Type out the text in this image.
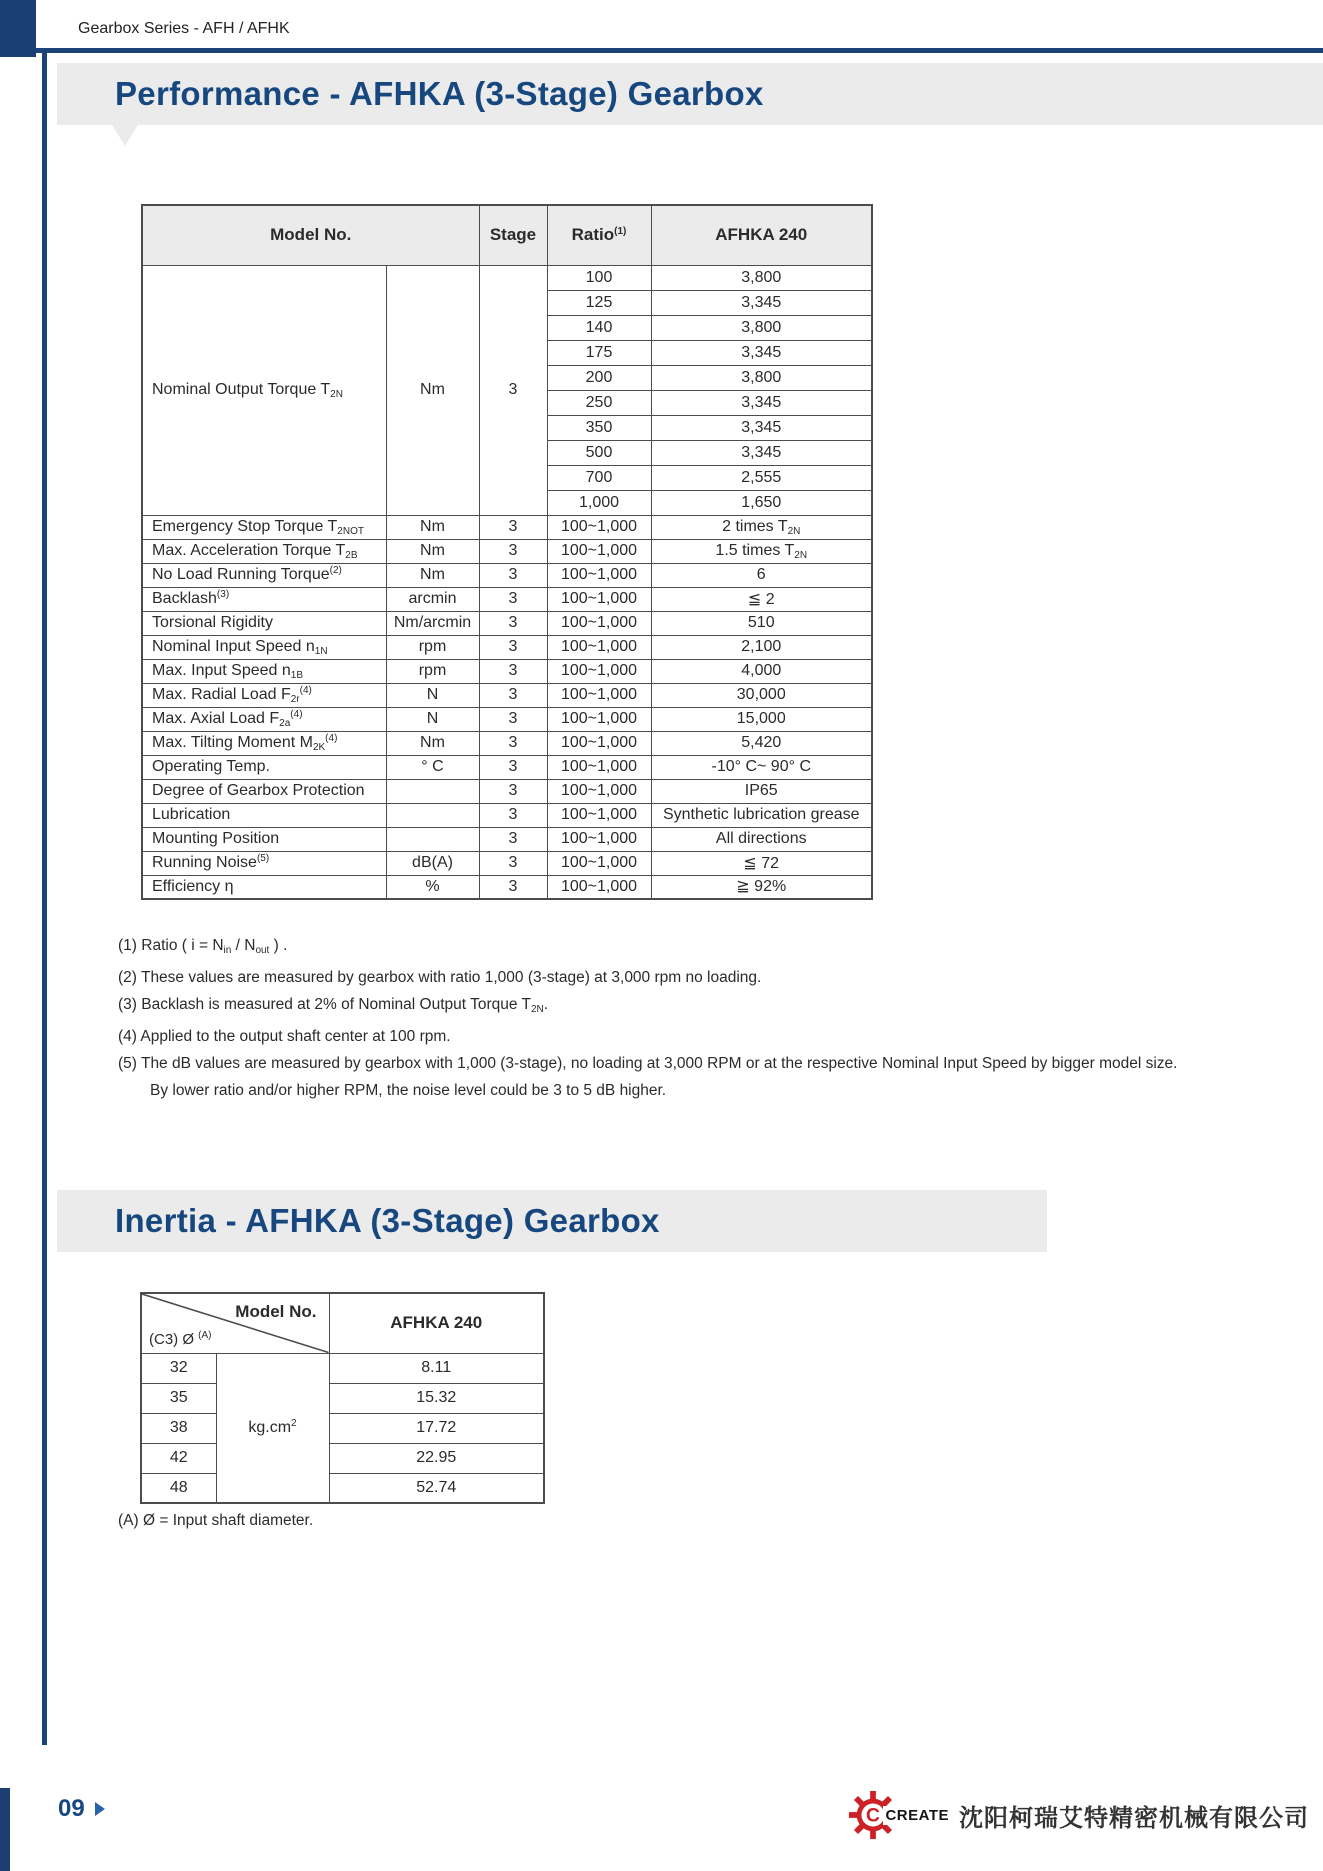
Gearbox Series - AFH / AFHK
Performance - AFHKA (3-Stage) Gearbox
Model No.		Stage	Ratio$^{(1)}$	AFHKA 240
Nominal Output Torque T2N	Nm	3	100	3,800
			125	3,345
			140	3,800
			175	3,345
			200	3,800
			250	3,345
			350	3,345
			500	3,345
			700	2,555
			1,000	1,650
Emergency Stop Torque T2NOT	Nm	3	100~1,000	2 times T2N
Max. Acceleration Torque T2B	Nm	3	100~1,000	1.5 times T2N
No Load Running Torque$^{(2)}$	Nm	3	100~1,000	6
Backlash$^{(3)}$	arcmin	3	100~1,000	≦ 2
Torsional Rigidity	Nm/arcmin	3	100~1,000	510
Nominal Input Speed n1N	rpm	3	100~1,000	2,100
Max. Input Speed n1B	rpm	3	100~1,000	4,000
Max. Radial Load $F2r^{(4)}$	N	3	100~1,000	30,000
Max. Axial Load $F2a^{(4)}$	N	3	100~1,000	15,000
Max. Tilting Moment $M2K^{(4)}$	Nm	3	100~1,000	5,420
Operating Temp.	° C	3	100~1,000	-10° C~ 90° C
Degree of Gearbox Protection		3	100~1,000	IP65
Lubrication		3	100~1,000	Synthetic lubrication grease
Mounting Position		3	100~1,000	All directions
Running Noise$^{(5)}$	dB(A)	3	100~1,000	≦ 72
Efficiency η	%	3	100~1,000	≧ 92%
(1) Ratio ( i = Nin / Nout ) .
(2) These values are measured by gearbox with ratio 1,000 (3-stage) at 3,000 rpm no loading.
(3) Backlash is measured at 2% of Nominal Output Torque T2N.
(4) Applied to the output shaft center at 100 rpm.
(5) The dB values are measured by gearbox with 1,000 (3-stage), no loading at 3,000 RPM or at the respective Nominal Input Speed by bigger model size.
By lower ratio and/or higher RPM, the noise level could be 3 to 5 dB higher.
Inertia - AFHKA (3-Stage) Gearbox
Model No.
(C3) Ø $^{(A)}$		AFHKA 240
32	$kg.cm^2$	8.11
35		15.32
38		17.72
42		22.95
48		52.74
(A) Ø = Input shaft diameter.
09	C CREATE 沈阳柯瑞艾特精密机械有限公司
